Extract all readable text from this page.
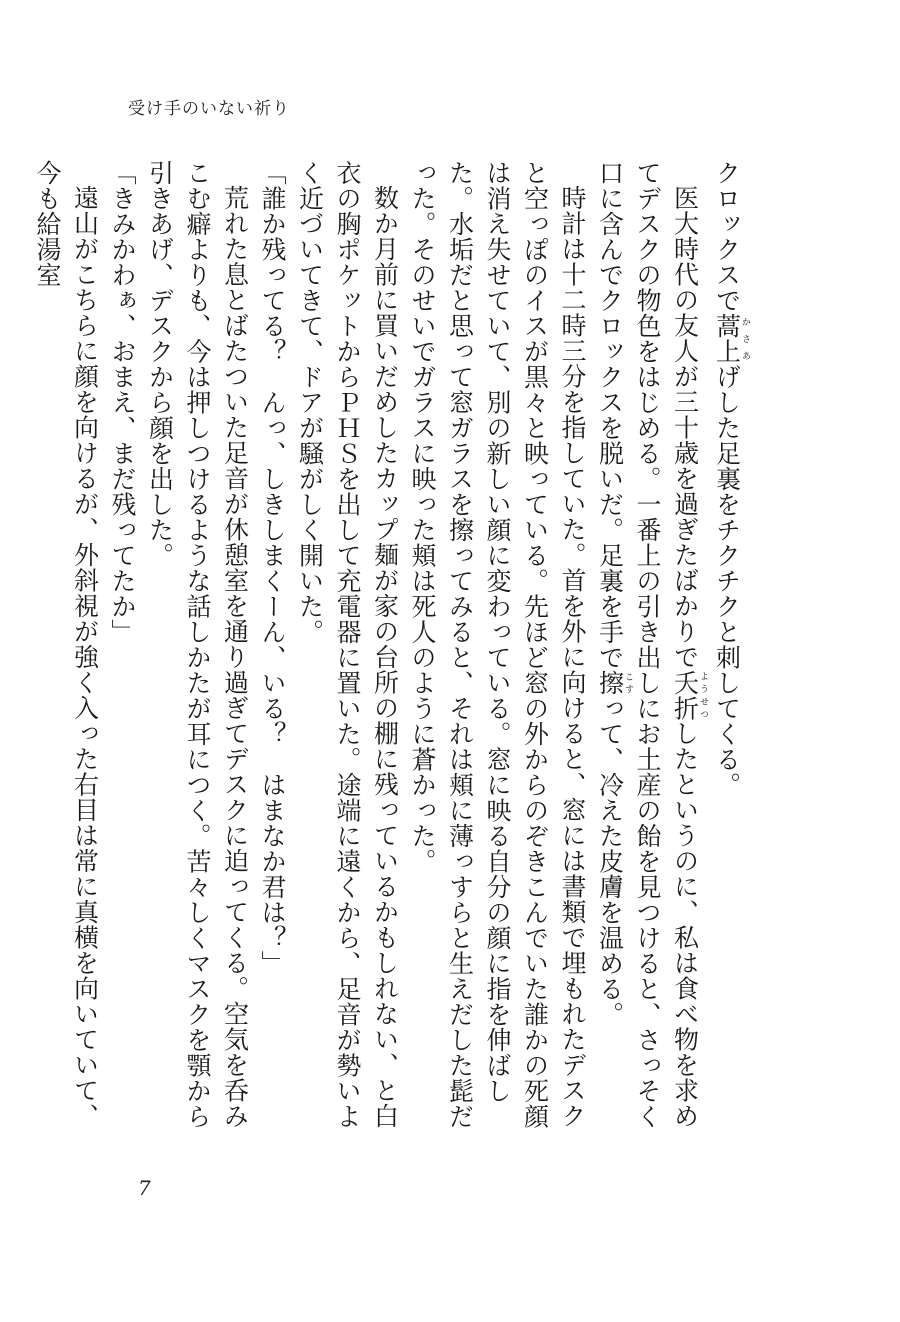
受け手のいない祈り

クロックスで蒿上かさあげした足裏をチクチクと刺してくる。

医大時代の友人が三十歳を過ぎたばかりで夭折ようせつしたというのに、私は食べ物を求めてデスクの物色をはじめる。一番上の引き出しにお土産の飴を見つけると、さっそく口に含んでクロックスを脱いだ。足裏を手で擦こすって、冷えた皮膚を温める。

時計は十二時三分を指していた。首を外に向けると、窓には書類で埋もれたデスクと空っぽのイスが黒々と映っている。先ほど窓の外からのぞきこんでいた誰かの死顔は消え失せていて、別の新しい顔に変わっている。窓に映る自分の顔に指を伸ばした。水垢だと思って窓ガラスを擦ってみると、それは頬に薄っすらと生えだした髭だった。そのせいでガラスに映った頬は死人のように蒼かった。

数か月前に買いだめしたカップ麺が家の台所の棚に残っているかもしれない、と白衣の胸ポケットからＰＨＳを出して充電器に置いた。途端に遠くから、足音が勢いよく近づいてきて、ドアが騒がしく開いた。

「誰か残ってる？　んっ、しきしまくーん、いる？　はまなか君は？」

荒れた息とばたついた足音が休憩室を通り過ぎてデスクに迫ってくる。空気を呑みこむ癖よりも、今は押しつけるような話しかたが耳につく。苦々しくマスクを顎から引きあげ、デスクから顔を出した。

「きみかわぁ、おまえ、まだ残ってたか」

遠山がこちらに顔を向けるが、外斜視が強く入った右目は常に真横を向いていて、今も給湯室

7
